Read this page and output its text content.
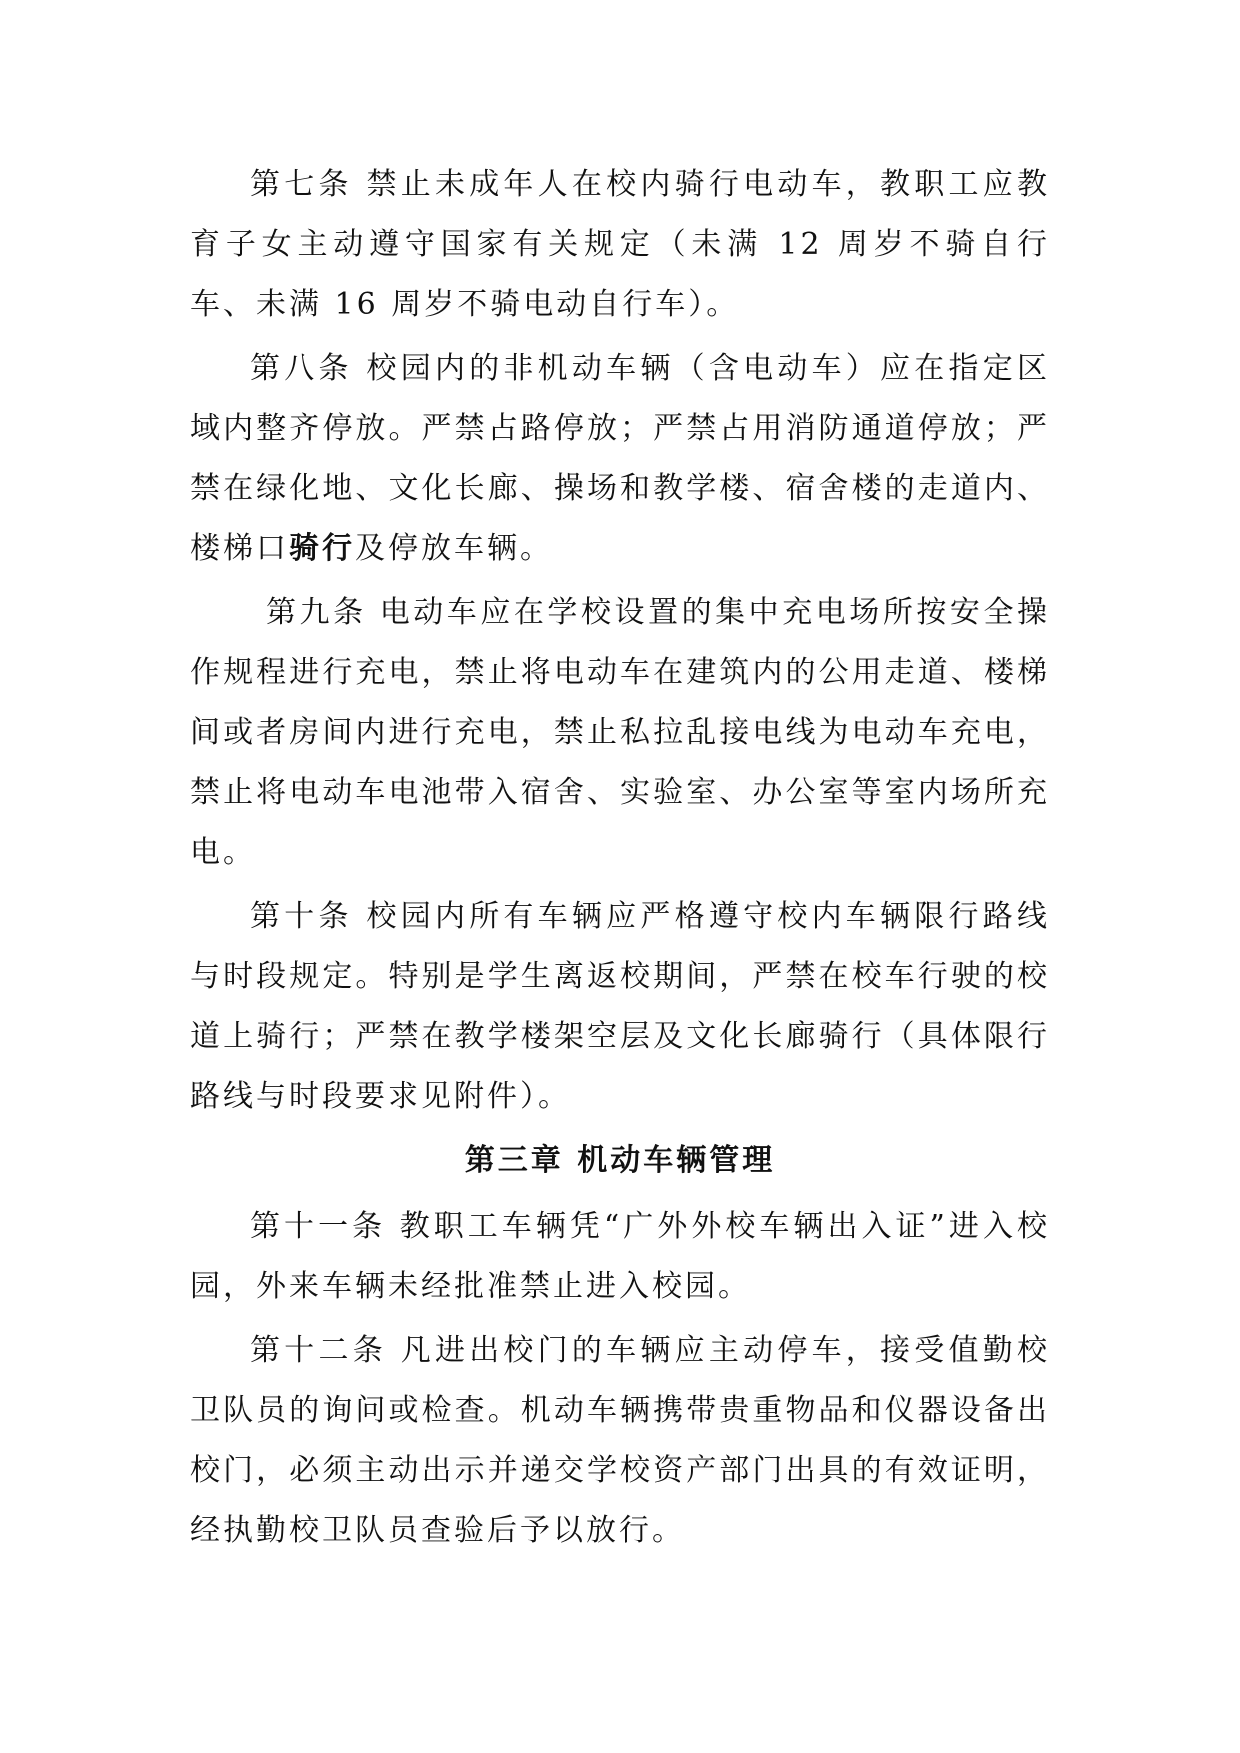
第七条 禁止未成年人在校内骑行电动车，教职工应教育子女主动遵守国家有关规定（未满 12 周岁不骑自行车、未满 16 周岁不骑电动自行车）。

第八条 校园内的非机动车辆（含电动车）应在指定区域内整齐停放。严禁占路停放；严禁占用消防通道停放；严禁在绿化地、文化长廊、操场和教学楼、宿舍楼的走道内、楼梯口骑行及停放车辆。

第九条 电动车应在学校设置的集中充电场所按安全操作规程进行充电，禁止将电动车在建筑内的公用走道、楼梯间或者房间内进行充电，禁止私拉乱接电线为电动车充电，禁止将电动车电池带入宿舍、实验室、办公室等室内场所充电。

第十条 校园内所有车辆应严格遵守校内车辆限行路线与时段规定。特别是学生离返校期间，严禁在校车行驶的校道上骑行；严禁在教学楼架空层及文化长廊骑行（具体限行路线与时段要求见附件）。

第三章 机动车辆管理

第十一条 教职工车辆凭“广外外校车辆出入证”进入校园，外来车辆未经批准禁止进入校园。

第十二条 凡进出校门的车辆应主动停车，接受值勤校卫队员的询问或检查。机动车辆携带贵重物品和仪器设备出校门，必须主动出示并递交学校资产部门出具的有效证明，经执勤校卫队员查验后予以放行。
